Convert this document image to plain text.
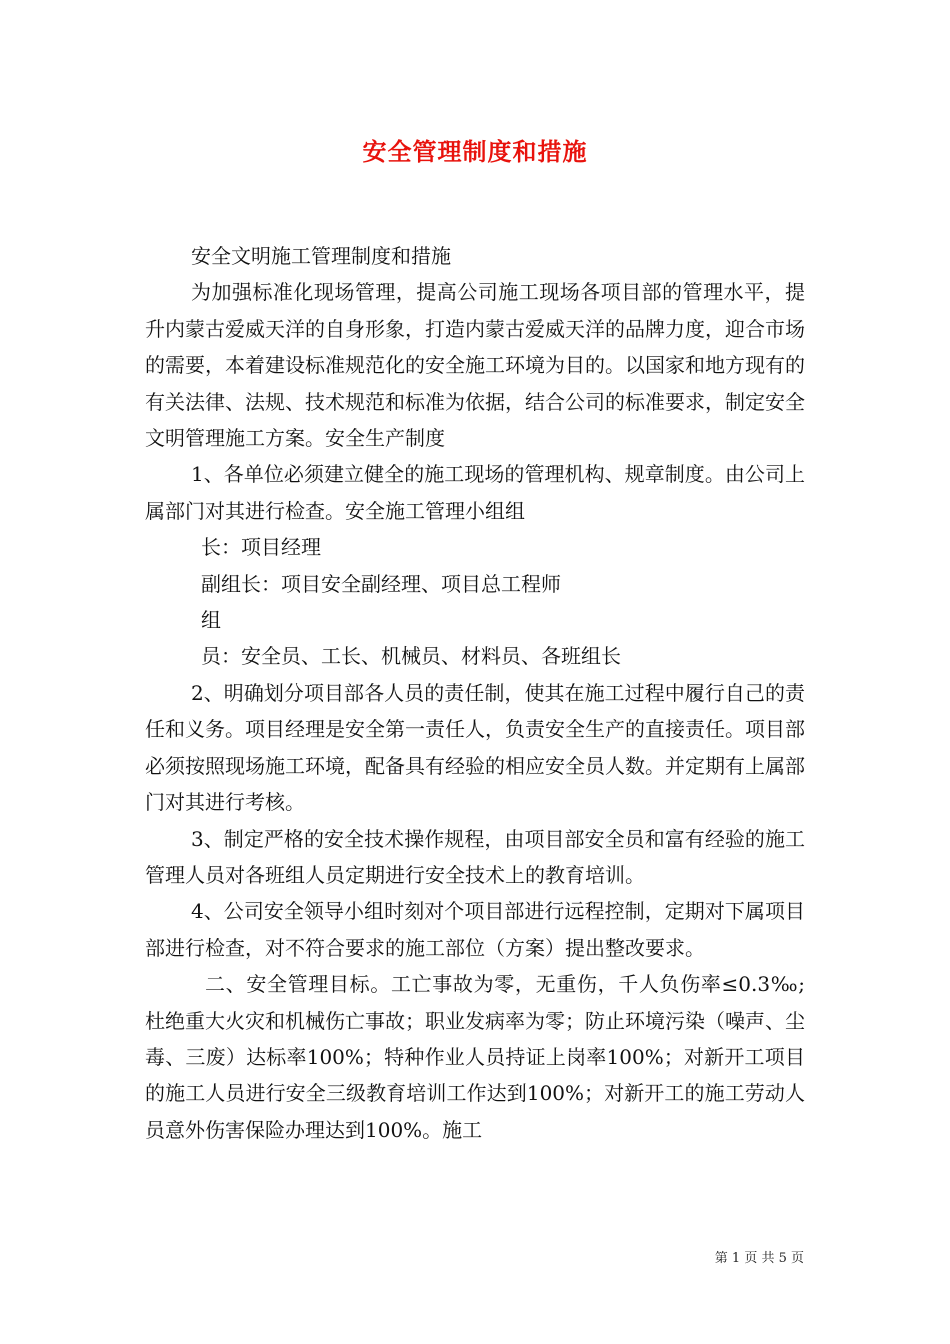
安全管理制度和措施

安全文明施工管理制度和措施

为加强标准化现场管理，提高公司施工现场各项目部的管理水平，提升内蒙古爱威天洋的自身形象，打造内蒙古爱威天洋的品牌力度，迎合市场的需要，本着建设标准规范化的安全施工环境为目的。以国家和地方现有的有关法律、法规、技术规范和标准为依据，结合公司的标准要求，制定安全文明管理施工方案。安全生产制度

1、各单位必须建立健全的施工现场的管理机构、规章制度。由公司上属部门对其进行检查。安全施工管理小组组

长：项目经理

副组长：项目安全副经理、项目总工程师

组

员：安全员、工长、机械员、材料员、各班组长

2、明确划分项目部各人员的责任制，使其在施工过程中履行自己的责任和义务。项目经理是安全第一责任人，负责安全生产的直接责任。项目部必须按照现场施工环境，配备具有经验的相应安全员人数。并定期有上属部门对其进行考核。

3、制定严格的安全技术操作规程，由项目部安全员和富有经验的施工管理人员对各班组人员定期进行安全技术上的教育培训。

4、公司安全领导小组时刻对个项目部进行远程控制，定期对下属项目部进行检查，对不符合要求的施工部位（方案）提出整改要求。

二、安全管理目标。工亡事故为零，无重伤，千人负伤率≤0.3‰;杜绝重大火灾和机械伤亡事故；职业发病率为零；防止环境污染（噪声、尘毒、三废）达标率100%；特种作业人员持证上岗率100%；对新开工项目的施工人员进行安全三级教育培训工作达到100%；对新开工的施工劳动人员意外伤害保险办理达到100%。施工

第 1 页 共 5 页
